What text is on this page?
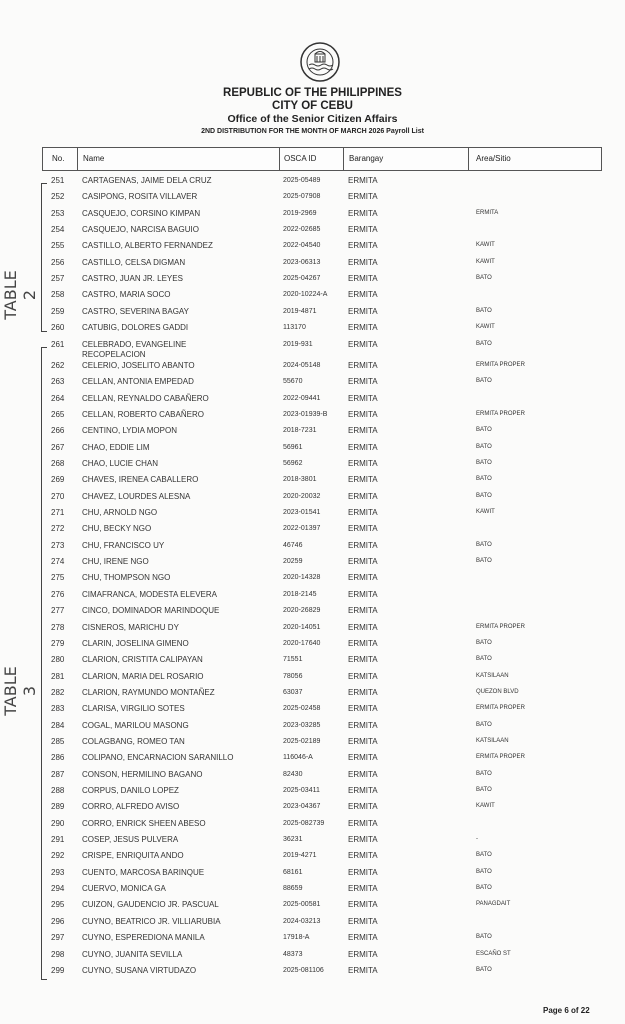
REPUBLIC OF THE PHILIPPINES
CITY OF CEBU
Office of the Senior Citizen Affairs
2ND DISTRIBUTION FOR THE MONTH OF MARCH 2026 Payroll List
No. Name	OSCA ID	Barangay	Area/Sitio
251 CARTAGENAS, JAIME DELA CRUZ	2025-05489	ERMITA
252 CASIPONG, ROSITA VILLAVER	2025-07908	ERMITA
253 CASQUEJO, CORSINO KIMPAN	2019-2969	ERMITA	ERMITA
254 CASQUEJO, NARCISA BAGUIO	2022-02685	ERMITA
255 CASTILLO, ALBERTO FERNANDEZ	2022-04540	ERMITA	KAWIT
256 CASTILLO, CELSA DIGMAN	2023-06313	ERMITA	KAWIT
257 CASTRO, JUAN JR. LEYES	2025-04267	ERMITA	BATO
258 CASTRO, MARIA SOCO	2020-10224-A	ERMITA
259 CASTRO, SEVERINA BAGAY	2019-4871	ERMITA	BATO
260 CATUBIG, DOLORES GADDI	113170	ERMITA	KAWIT
261 CELEBRADO, EVANGELINE
RECOPELACION
2019-931	ERMITA	BATO
262 CELERIO, JOSELITO ABANTO	2024-05148	ERMITA	ERMITA PROPER
263 CELLAN, ANTONIA EMPEDAD	55670	ERMITA	BATO
264 CELLAN, REYNALDO CABAÑERO	2022-09441	ERMITA
265 CELLAN, ROBERTO CABAÑERO	2023-01939-B	ERMITA	ERMITA PROPER
266 CENTINO, LYDIA MOPON	2018-7231	ERMITA	BATO
267 CHAO, EDDIE LIM	56961	ERMITA	BATO
268 CHAO, LUCIE CHAN	56962	ERMITA	BATO
269 CHAVES, IRENEA CABALLERO	2018-3801	ERMITA	BATO
270 CHAVEZ, LOURDES ALESNA	2020-20032	ERMITA	BATO
271 CHU, ARNOLD NGO	2023-01541	ERMITA	KAWIT
272 CHU, BECKY NGO	2022-01397	ERMITA
273 CHU, FRANCISCO UY	46746	ERMITA	BATO
274 CHU, IRENE NGO	20259	ERMITA	BATO
275 CHU, THOMPSON NGO	2020-14328	ERMITA
276 CIMAFRANCA, MODESTA ELEVERA	2018-2145	ERMITA
277 CINCO, DOMINADOR MARINDOQUE	2020-26829	ERMITA
278 CISNEROS, MARICHU DY	2020-14051	ERMITA	ERMITA PROPER
279 CLARIN, JOSELINA GIMENO	2020-17640	ERMITA	BATO
280 CLARION, CRISTITA CALIPAYAN	71551	ERMITA	BATO
281 CLARION, MARIA DEL ROSARIO	78056	ERMITA	KATSILAAN
282 CLARION, RAYMUNDO MONTAÑEZ	63037	ERMITA	QUEZON BLVD
283 CLARISA, VIRGILIO SOTES	2025-02458	ERMITA	ERMITA PROPER
284 COGAL, MARILOU MASONG	2023-03285	ERMITA	BATO
285 COLAGBANG, ROMEO TAN	2025-02189	ERMITA	KATSILAAN
286 COLIPANO, ENCARNACION SARANILLO	116046-A	ERMITA	ERMITA PROPER
287 CONSON, HERMILINO BAGANO	82430	ERMITA	BATO
288 CORPUS, DANILO LOPEZ	2025-03411	ERMITA	BATO
289 CORRO, ALFREDO AVISO	2023-04367	ERMITA	KAWIT
290 CORRO, ENRICK SHEEN ABESO	2025-082739	ERMITA
291 COSEP, JESUS PULVERA	36231	ERMITA	-
292 CRISPE, ENRIQUITA ANDO	2019-4271	ERMITA	BATO
293 CUENTO, MARCOSA BARINQUE	68161	ERMITA	BATO
294 CUERVO, MONICA GA	88659	ERMITA	BATO
295 CUIZON, GAUDENCIO JR. PASCUAL	2025-00581	ERMITA	PANAGDAIT
296 CUYNO, BEATRICO JR. VILLIARUBIA	2024-03213	ERMITA
297 CUYNO, ESPEREDIONA MANILA	17918-A	ERMITA	BATO
298 CUYNO, JUANITA SEVILLA	48373	ERMITA	ESCAÑO ST
299 CUYNO, SUSANA VIRTUDAZO	2025-081106	ERMITA	BATO
TABLE 2
TABLE 3
Page 6 of 22
